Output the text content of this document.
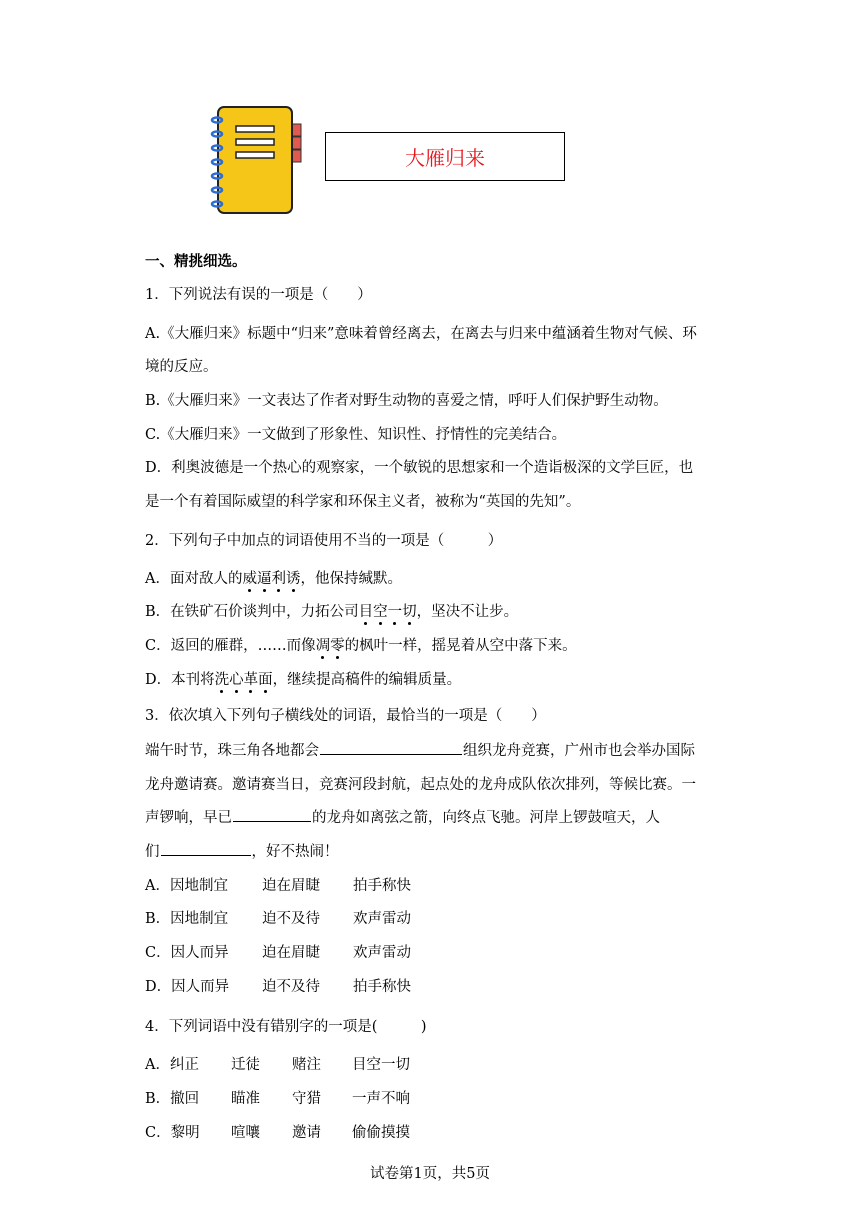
大雁归来
一、精挑细选。
1．下列说法有误的一项是（　　）
A.《大雁归来》标题中“归来”意味着曾经离去，在离去与归来中蕴涵着生物对气候、环
境的反应。
B.《大雁归来》一文表达了作者对野生动物的喜爱之情，呼吁人们保护野生动物。
C.《大雁归来》一文做到了形象性、知识性、抒情性的完美结合。
D．利奥波德是一个热心的观察家，一个敏锐的思想家和一个造诣极深的文学巨匠，也
是一个有着国际威望的科学家和环保主义者，被称为“英国的先知”。
2．下列句子中加点的词语使用不当的一项是（　　　）
A．面对敌人的威逼利诱，他保持缄默。
B．在铁矿石价谈判中，力拓公司目空一切，坚决不让步。
C．返回的雁群，……而像凋零的枫叶一样，摇晃着从空中落下来。
D．本刊将洗心革面，继续提高稿件的编辑质量。
3．依次填入下列句子横线处的词语，最恰当的一项是（　　）
端午时节，珠三角各地都会	组织龙舟竞赛，广州市也会举办国际
龙舟邀请赛。邀请赛当日，竞赛河段封航，起点处的龙舟成队依次排列，等候比赛。一
声锣响，早已	的龙舟如离弦之箭，向终点飞驰。河岸上锣鼓喧天，人
们	，好不热闹！
A．因地制宜 迫在眉睫 拍手称快
B．因地制宜 迫不及待 欢声雷动
C．因人而异 迫在眉睫 欢声雷动
D．因人而异 迫不及待 拍手称快
4．下列词语中没有错别字的一项是(　　　)
A．纠正 迁徒 赌注 目空一切
B．撤回 瞄准 守猎 一声不响
C．黎明 喧嚷 邀请 偷偷摸摸
试卷第1页，共5页
